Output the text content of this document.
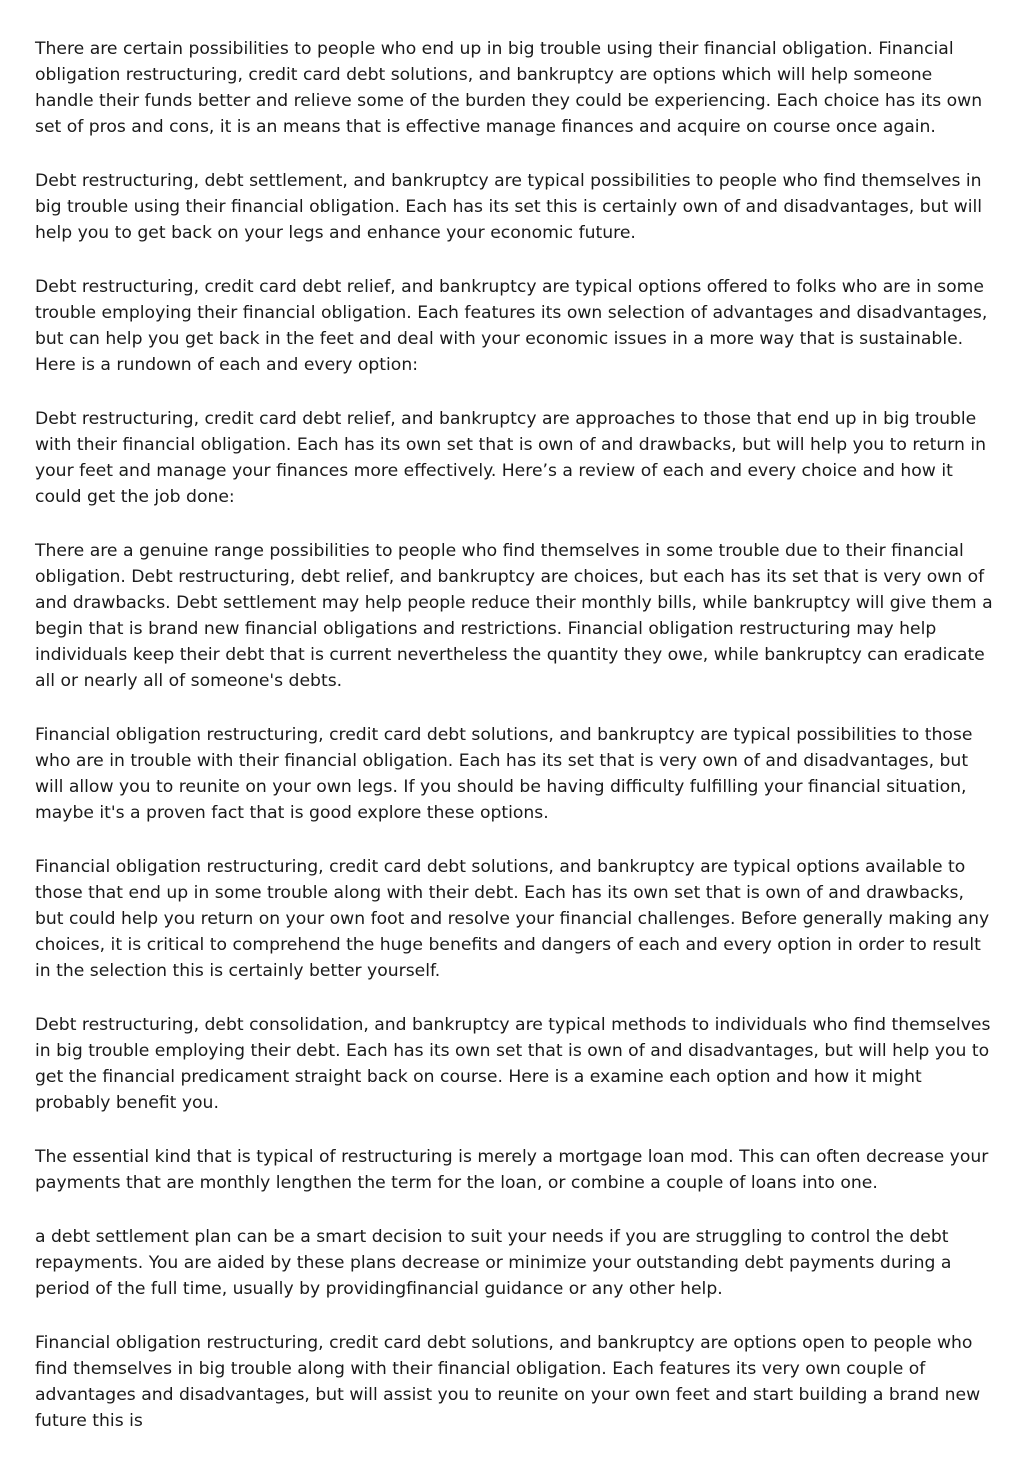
There are certain possibilities to people who end up in big trouble using their financial obligation. Financial obligation restructuring, credit card debt solutions, and bankruptcy are options which will help someone handle their funds better and relieve some of the burden they could be experiencing. Each choice has its own set of pros and cons, it is an means that is effective manage finances and acquire on course once again.

Debt restructuring, debt settlement, and bankruptcy are typical possibilities to people who find themselves in big trouble using their financial obligation. Each has its set this is certainly own of and disadvantages, but will help you to get back on your legs and enhance your economic future.

Debt restructuring, credit card debt relief, and bankruptcy are typical options offered to folks who are in some trouble employing their financial obligation. Each features its own selection of advantages and disadvantages, but can help you get back in the feet and deal with your economic issues in a more way that is sustainable. Here is a rundown of each and every option:

Debt restructuring, credit card debt relief, and bankruptcy are approaches to those that end up in big trouble with their financial obligation. Each has its own set that is own of and drawbacks, but will help you to return in your feet and manage your finances more effectively. Here’s a review of each and every choice and how it could get the job done:

There are a genuine range possibilities to people who find themselves in some trouble due to their financial obligation. Debt restructuring, debt relief, and bankruptcy are choices, but each has its set that is very own of and drawbacks. Debt settlement may help people reduce their monthly bills, while bankruptcy will give them a begin that is brand new financial obligations and restrictions. Financial obligation restructuring may help individuals keep their debt that is current nevertheless the quantity they owe, while bankruptcy can eradicate all or nearly all of someone's debts.

Financial obligation restructuring, credit card debt solutions, and bankruptcy are typical possibilities to those who are in trouble with their financial obligation. Each has its set that is very own of and disadvantages, but will allow you to reunite on your own legs. If you should be having difficulty fulfilling your financial situation, maybe it's a proven fact that is good explore these options.

Financial obligation restructuring, credit card debt solutions, and bankruptcy are typical options available to those that end up in some trouble along with their debt. Each has its own set that is own of and drawbacks, but could help you return on your own foot and resolve your financial challenges. Before generally making any choices, it is critical to comprehend the huge benefits and dangers of each and every option in order to result in the selection this is certainly better yourself.

Debt restructuring, debt consolidation, and bankruptcy are typical methods to individuals who find themselves in big trouble employing their debt. Each has its own set that is own of and disadvantages, but will help you to get the financial predicament straight back on course. Here is a examine each option and how it might probably benefit you.

The essential kind that is typical of restructuring is merely a mortgage loan mod. This can often decrease your payments that are monthly lengthen the term for the loan, or combine a couple of loans into one.

a debt settlement plan can be a smart decision to suit your needs if you are struggling to control the debt repayments. You are aided by these plans decrease or minimize your outstanding debt payments during a period of the full time, usually by providingfinancial guidance or any other help.

Financial obligation restructuring, credit card debt solutions, and bankruptcy are options open to people who find themselves in big trouble along with their financial obligation. Each features its very own couple of advantages and disadvantages, but will assist you to reunite on your own feet and start building a brand new future this is
